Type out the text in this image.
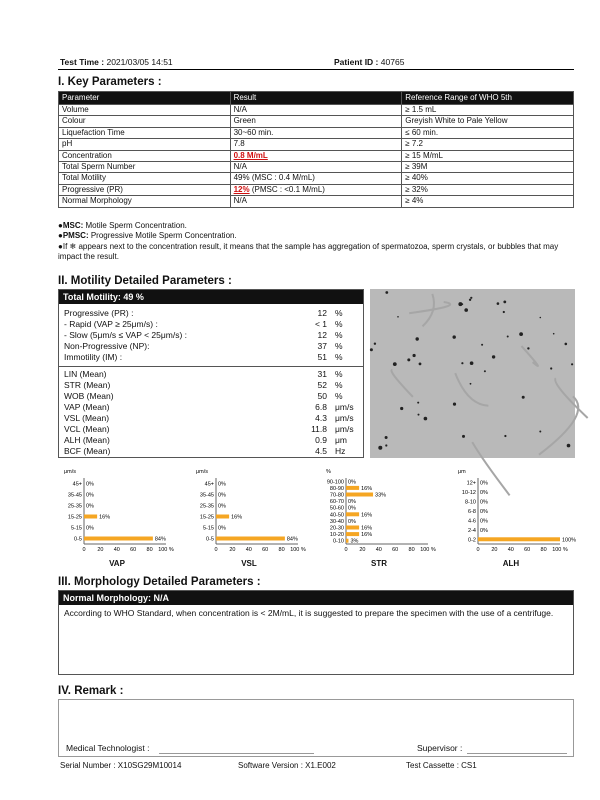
Test Time : 2021/03/05 14:51	Patient ID : 40765
I. Key Parameters :
Parameter	Result	Reference Range of WHO 5th
Volume	N/A	≥ 1.5 mL
Colour	Green	Greyish White to Pale Yellow
Liquefaction Time	30~60 min.	≤ 60 min.
pH	7.8	≥ 7.2
Concentration	0.8 M/mL	≥ 15 M/mL
Total Sperm Number	N/A	≥ 39M
Total Motility	49% (MSC : 0.4 M/mL)	≥ 40%
Progressive (PR)	12% (PMSC : <0.1 M/mL)	≥ 32%
Normal Morphology	N/A	≥ 4%

●MSC: Motile Sperm Concentration.

●PMSC: Progressive Motile Sperm Concentration.

●If ❄ appears next to the concentration result, it means that the sample has aggregation of spermatozoa, sperm crystals, or bubbles that may impact the result.

II. Motility Detailed Parameters :
Total Motility: 49 %
Progressive (PR) :	12 %
- Rapid (VAP ≥ 25μm/s) :	< 1 %
- Slow (5μm/s ≤ VAP < 25μm/s) :	12 %
Non-Progressive (NP):	37 %
Immotility (IM) :	51 %
LIN (Mean)	31 %
STR (Mean)	52 %
WOB (Mean)	50 %
VAP (Mean)	6.8 μm/s
VSL (Mean)	4.3 μm/s
VCL (Mean)	11.8 μm/s
ALH (Mean)	0.9 μm
BCF (Mean)	4.5 Hz
μm/s
45+ 0%
35-45 0%
25-35 0%
15-25	16%
5-15 0%
0-5	84%
0 20 40 60 80 100 %
VAP
μm/s
45+ 0%
35-45 0%
25-35 0%
15-25	16%
5-15 0%
0-5	84%
0 20 40 60 80 100 %
VSL
%
90-100 0%
80-90	16%
70-80	33%
60-70 0%
50-60 0%
40-50	16%
30-40 0%
20-30	16%
10-20	16%
0-10 3%
0 20 40 60 80 100 %
STR
μm
12+ 0%
10-12 0%
8-10 0%
6-8 0%
4-6 0%
2-4 0%
0-2	100%
0 20 40 60 80 100 %
ALH
III. Morphology Detailed Parameters :
Normal Morphology: N/A
According to WHO Standard, when concentration is < 2M/mL, it is suggested to prepare the specimen with the use of a centrifuge.
IV. Remark :
Medical Technologist :	Supervisor :
Serial Number : X10SG29M10014	Software Version : X1.E002	Test Cassette : CS1
